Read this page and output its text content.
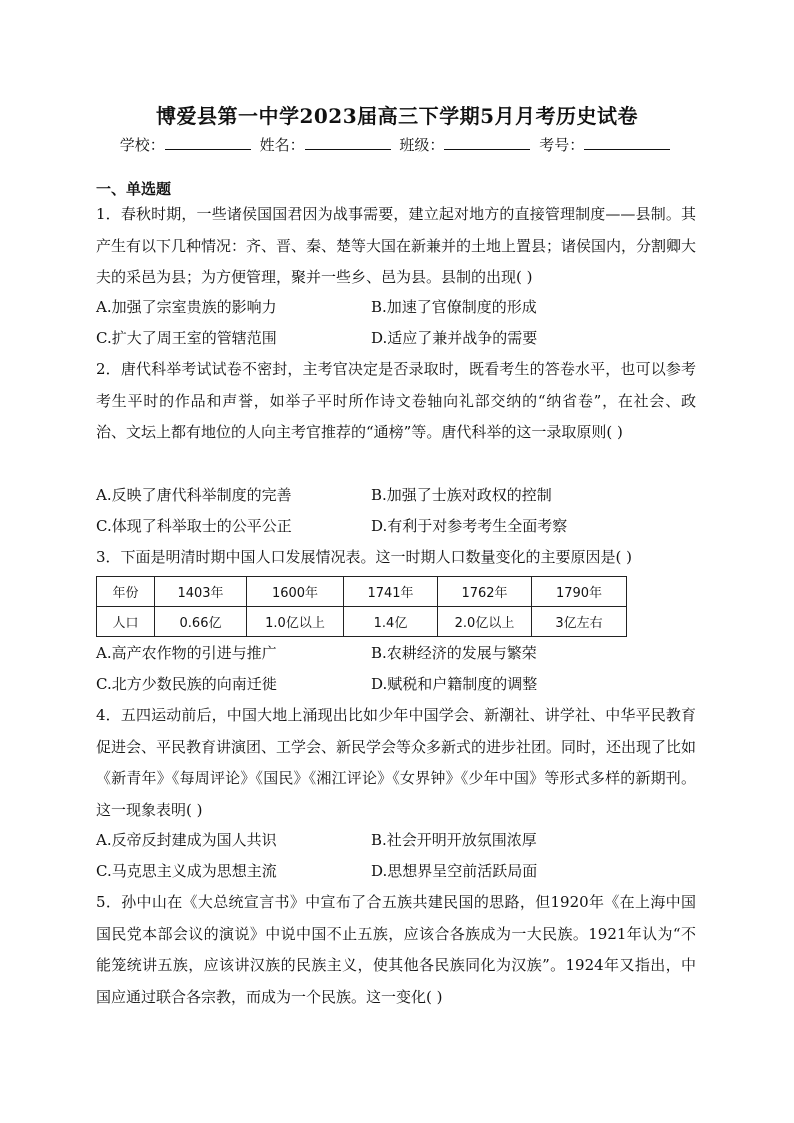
博爱县第一中学2023届高三下学期5月月考历史试卷
学校：	姓名：	班级：	考号：
一、单选题
1．春秋时期，一些诸侯国国君因为战事需要，建立起对地方的直接管理制度——县制。其产生有以下几种情况：齐、晋、秦、楚等大国在新兼并的土地上置县；诸侯国内，分割卿大夫的采邑为县；为方便管理，聚并一些乡、邑为县。县制的出现( )
A.加强了宗室贵族的影响力	B.加速了官僚制度的形成
C.扩大了周王室的管辖范围	D.适应了兼并战争的需要
2．唐代科举考试试卷不密封，主考官决定是否录取时，既看考生的答卷水平，也可以参考考生平时的作品和声誉，如举子平时所作诗文卷轴向礼部交纳的“纳省卷”，在社会、政治、文坛上都有地位的人向主考官推荐的“通榜”等。唐代科举的这一录取原则( )
A.反映了唐代科举制度的完善	B.加强了士族对政权的控制
C.体现了科举取士的公平公正	D.有利于对参考考生全面考察
3．下面是明清时期中国人口发展情况表。这一时期人口数量变化的主要原因是( )
年份	1403年	1600年	1741年	1762年	1790年
人口	0.66亿	1.0亿以上	1.4亿	2.0亿以上	3亿左右
A.高产农作物的引进与推广	B.农耕经济的发展与繁荣
C.北方少数民族的向南迁徙	D.赋税和户籍制度的调整
4．五四运动前后，中国大地上涌现出比如少年中国学会、新潮社、讲学社、中华平民教育促进会、平民教育讲演团、工学会、新民学会等众多新式的进步社团。同时，还出现了比如《新青年》《每周评论》《国民》《湘江评论》《女界钟》《少年中国》等形式多样的新期刊。这一现象表明( )
A.反帝反封建成为国人共识	B.社会开明开放氛围浓厚
C.马克思主义成为思想主流	D.思想界呈空前活跃局面
5．孙中山在《大总统宣言书》中宣布了合五族共建民国的思路，但1920年《在上海中国国民党本部会议的演说》中说中国不止五族，应该合各族成为一大民族。1921年认为“不能笼统讲五族，应该讲汉族的民族主义，使其他各民族同化为汉族”。1924年又指出，中国应通过联合各宗教，而成为一个民族。这一变化( )
